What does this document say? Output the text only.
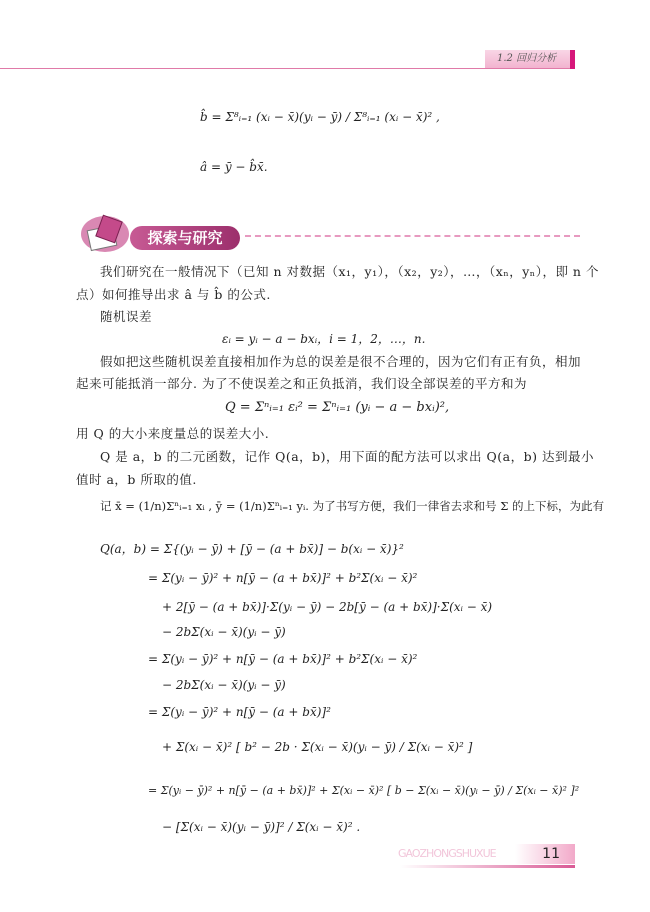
1.2 回归分析
b̂ = Σ⁸ᵢ₌₁ (xᵢ − x̄)(yᵢ − ȳ) / Σ⁸ᵢ₌₁ (xᵢ − x̄)² ,
â = ȳ − b̂x̄.
探索与研究
我们研究在一般情况下（已知 n 对数据（x₁，y₁），（x₂，y₂），…，（xₙ，yₙ），即 n 个
点）如何推导出求 â 与 b̂ 的公式.
随机误差
εᵢ = yᵢ − a − bxᵢ，i = 1，2，…，n.
假如把这些随机误差直接相加作为总的误差是很不合理的，因为它们有正有负，相加
起来可能抵消一部分. 为了不使误差之和正负抵消，我们设全部误差的平方和为
Q = Σⁿᵢ₌₁ εᵢ² = Σⁿᵢ₌₁ (yᵢ − a − bxᵢ)²,
用 Q 的大小来度量总的误差大小.
Q 是 a，b 的二元函数，记作 Q(a，b)，用下面的配方法可以求出 Q(a，b) 达到最小
值时 a，b 所取的值.
记 x̄ = (1/n)Σⁿᵢ₌₁ xᵢ , ȳ = (1/n)Σⁿᵢ₌₁ yᵢ. 为了书写方便，我们一律省去求和号 Σ 的上下标，为此有
Q(a，b) = Σ{(yᵢ − ȳ) + [ȳ − (a + bx̄)] − b(xᵢ − x̄)}²
= Σ(yᵢ − ȳ)² + n[ȳ − (a + bx̄)]² + b²Σ(xᵢ − x̄)²
+ 2[ȳ − (a + bx̄)]·Σ(yᵢ − ȳ) − 2b[ȳ − (a + bx̄)]·Σ(xᵢ − x̄)
− 2bΣ(xᵢ − x̄)(yᵢ − ȳ)
= Σ(yᵢ − ȳ)² + n[ȳ − (a + bx̄)]² + b²Σ(xᵢ − x̄)²
− 2bΣ(xᵢ − x̄)(yᵢ − ȳ)
= Σ(yᵢ − ȳ)² + n[ȳ − (a + bx̄)]²
+ Σ(xᵢ − x̄)² [ b² − 2b · Σ(xᵢ − x̄)(yᵢ − ȳ) / Σ(xᵢ − x̄)² ]
= Σ(yᵢ − ȳ)² + n[ȳ − (a + bx̄)]² + Σ(xᵢ − x̄)² [ b − Σ(xᵢ − x̄)(yᵢ − ȳ) / Σ(xᵢ − x̄)² ]²
− [Σ(xᵢ − x̄)(yᵢ − ȳ)]² / Σ(xᵢ − x̄)² .
11
GAOZHONGSHUXUE
